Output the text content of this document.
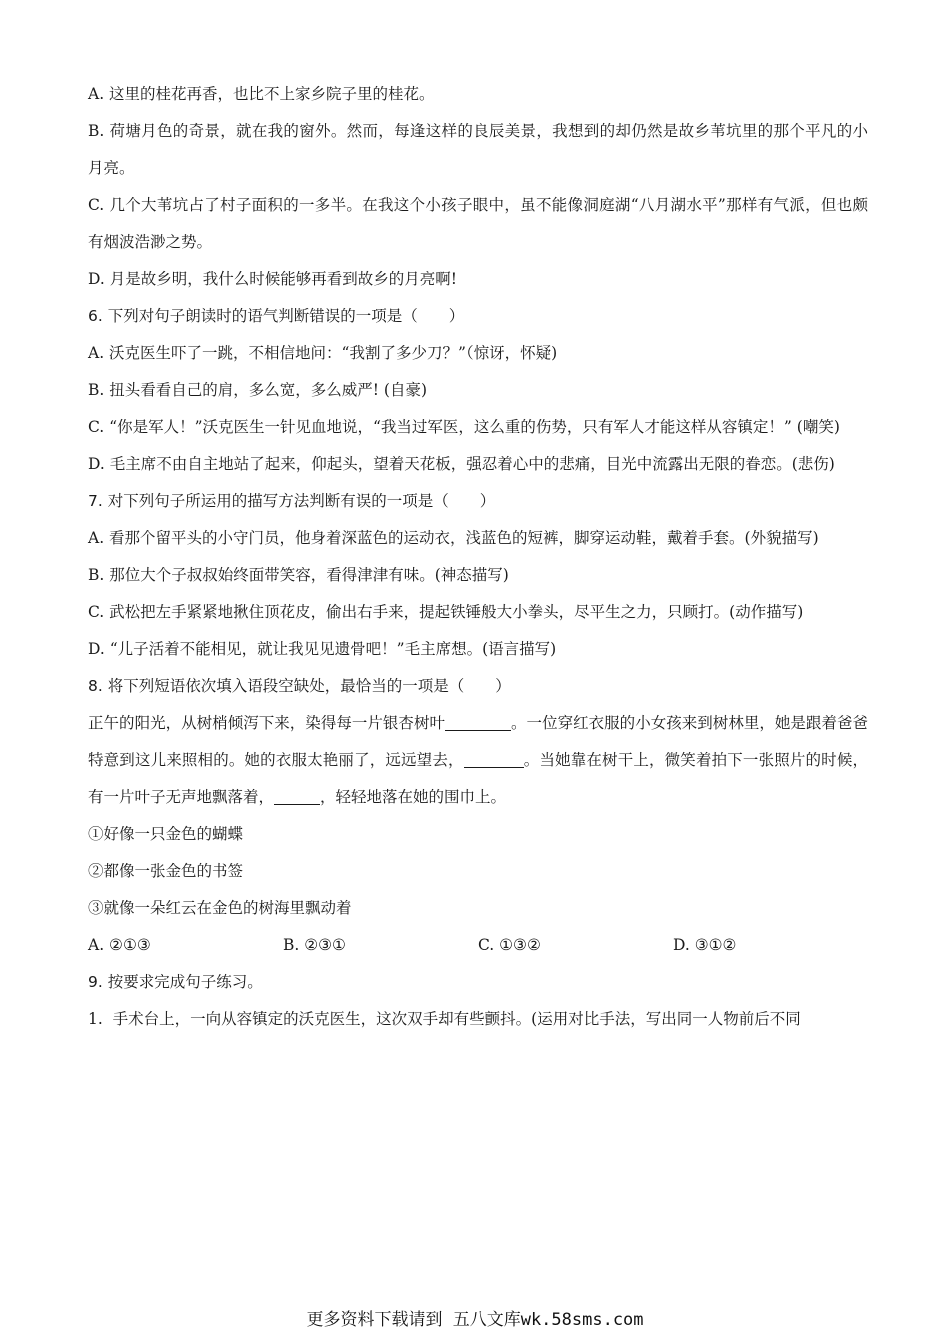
A. 这里的桂花再香，也比不上家乡院子里的桂花。
B. 荷塘月色的奇景，就在我的窗外。然而，每逢这样的良辰美景，我想到的却仍然是故乡苇坑里的那个平凡的小月亮。
C. 几个大苇坑占了村子面积的一多半。在我这个小孩子眼中，虽不能像洞庭湖“八月湖水平”那样有气派，但也颇有烟波浩渺之势。
D. 月是故乡明，我什么时候能够再看到故乡的月亮啊!
6. 下列对句子朗读时的语气判断错误的一项是（　　）
A. 沃克医生吓了一跳，不相信地问：“我割了多少刀？”（惊讶，怀疑)
B. 扭头看看自己的肩，多么宽，多么威严! (自豪)
C. “你是军人！”沃克医生一针见血地说，“我当过军医，这么重的伤势，只有军人才能这样从容镇定！” (嘲笑)
D. 毛主席不由自主地站了起来，仰起头，望着天花板，强忍着心中的悲痛，目光中流露出无限的眷恋。(悲伤)
7. 对下列句子所运用的描写方法判断有误的一项是（　　）
A. 看那个留平头的小守门员，他身着深蓝色的运动衣，浅蓝色的短裤，脚穿运动鞋，戴着手套。(外貌描写)
B. 那位大个子叔叔始终面带笑容，看得津津有味。(神态描写)
C. 武松把左手紧紧地揪住顶花皮，偷出右手来，提起铁锤般大小拳头，尽平生之力，只顾打。(动作描写)
D. “儿子活着不能相见，就让我见见遗骨吧！”毛主席想。(语言描写)
8. 将下列短语依次填入语段空缺处，最恰当的一项是（　　）
正午的阳光，从树梢倾泻下来，染得每一片银杏树叶	。一位穿红衣服的小女孩来到树林里，她是跟着爸爸特意到这儿来照相的。她的衣服太艳丽了，远远望去，	。当她靠在树干上，微笑着拍下一张照片的时候，有一片叶子无声地飘落着，	，轻轻地落在她的围巾上。
①好像一只金色的蝴蝶
②都像一张金色的书签
③就像一朵红云在金色的树海里飘动着
A. ②①③	B. ②③①	C. ①③②	D. ③①②
9. 按要求完成句子练习。
1.  手术台上，一向从容镇定的沃克医生，这次双手却有些颤抖。(运用对比手法，写出同一人物前后不同
更多资料下载请到 五八文库wk.58sms.com
